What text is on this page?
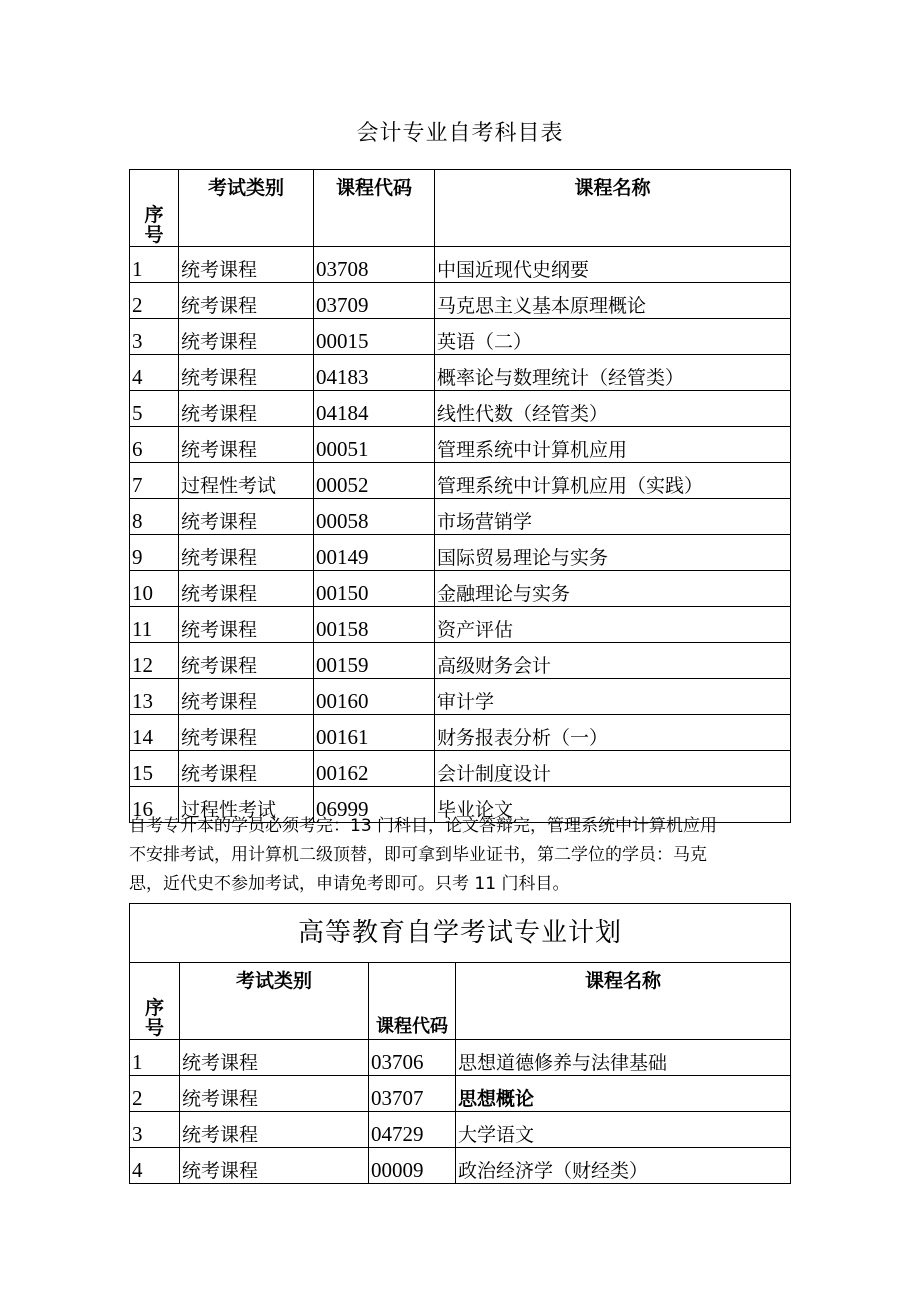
会计专业自考科目表
序
号	考试类别	课程代码	课程名称
1	统考课程	03708	中国近现代史纲要
2	统考课程	03709	马克思主义基本原理概论
3	统考课程	00015	英语（二）
4	统考课程	04183	概率论与数理统计（经管类）
5	统考课程	04184	线性代数（经管类）
6	统考课程	00051	管理系统中计算机应用
7	过程性考试	00052	管理系统中计算机应用（实践）
8	统考课程	00058	市场营销学
9	统考课程	00149	国际贸易理论与实务
10	统考课程	00150	金融理论与实务
11	统考课程	00158	资产评估
12	统考课程	00159	高级财务会计
13	统考课程	00160	审计学
14	统考课程	00161	财务报表分析（一）
15	统考课程	00162	会计制度设计
16	过程性考试	06999	毕业论文
自考专升本的学员必须考完：13 门科目，论文答辩完，管理系统中计算机应用
不安排考试，用计算机二级顶替，即可拿到毕业证书，第二学位的学员：马克
思，近代史不参加考试，申请免考即可。只考 11 门科目。
高等教育自学考试专业计划			

序
号	考试类别	课程代码	课程名称
1	统考课程	03706	思想道德修养与法律基础
2	统考课程	03707	思想概论
3	统考课程	04729	大学语文
4	统考课程	00009	政治经济学（财经类）
